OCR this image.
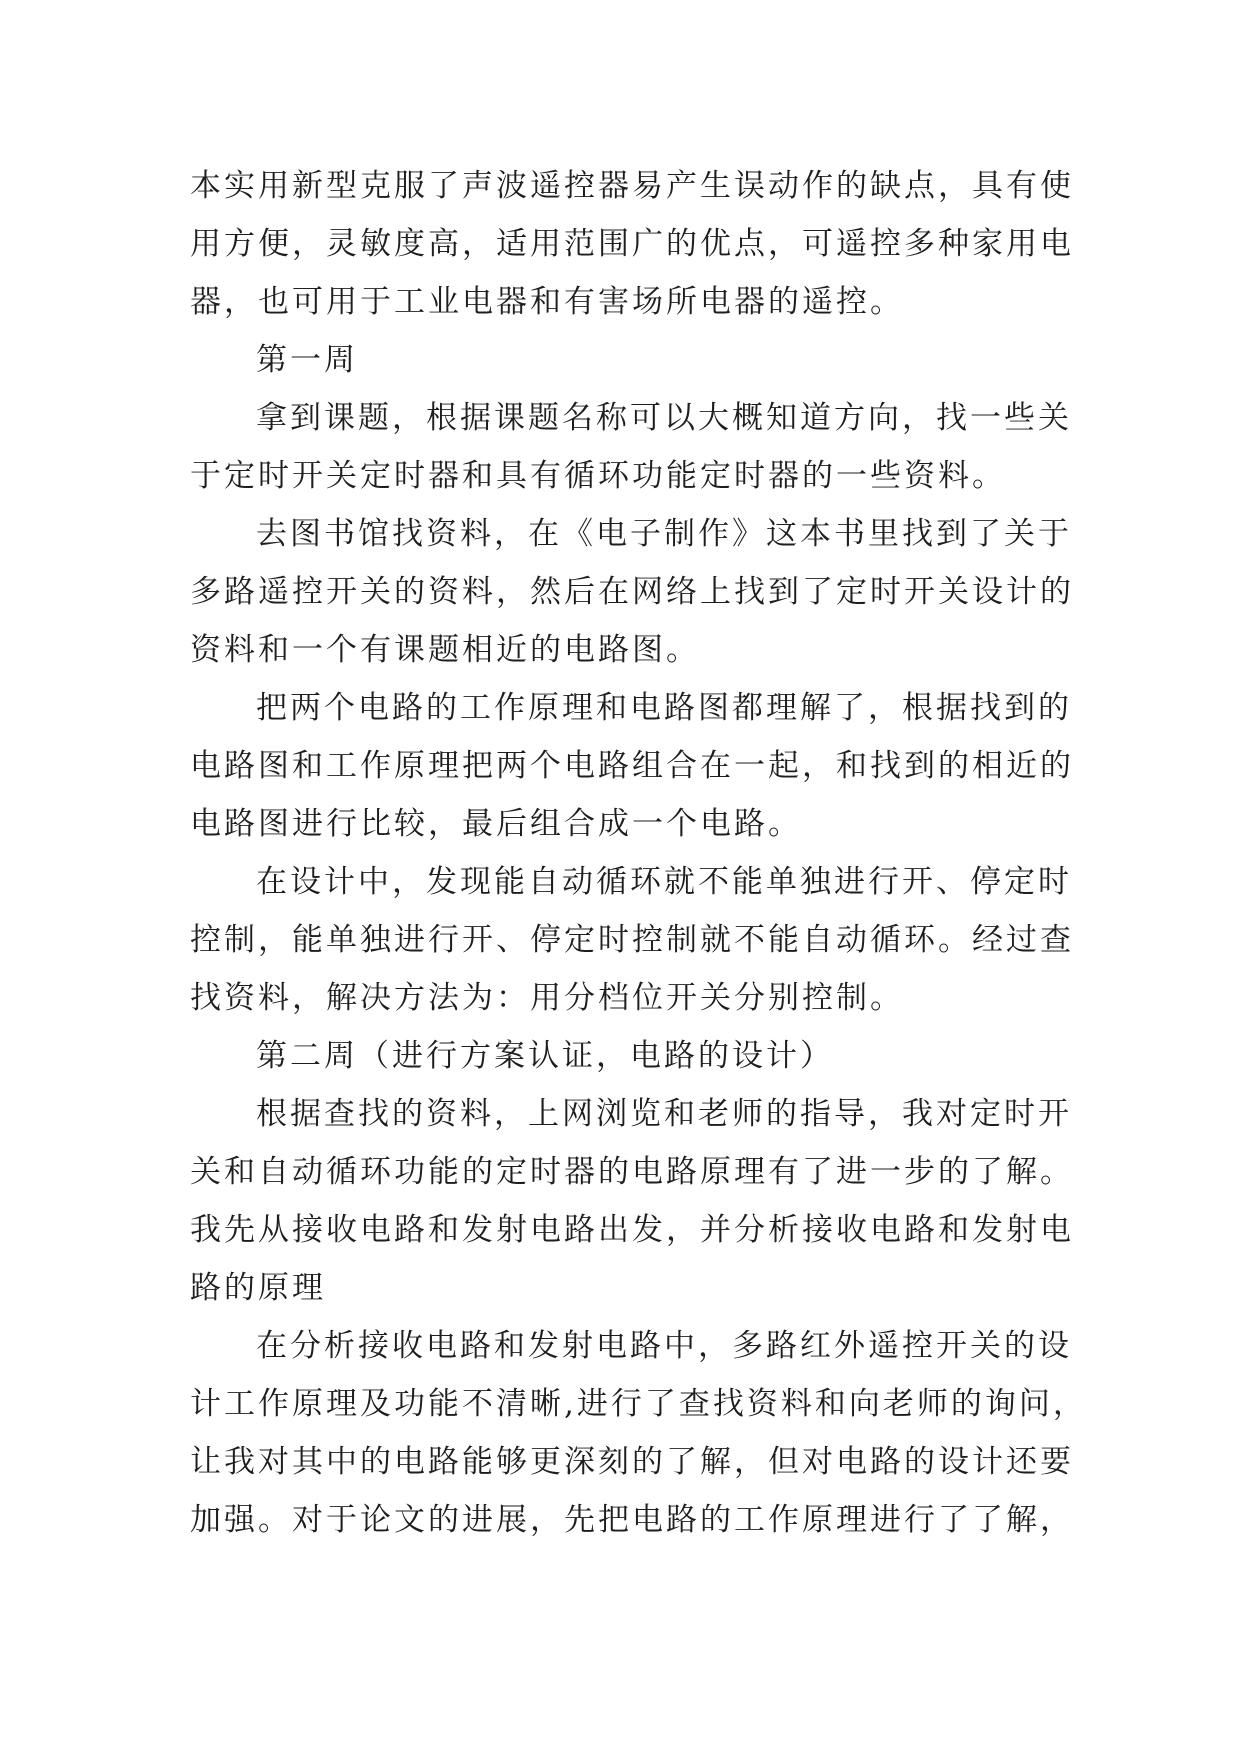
本实用新型克服了声波遥控器易产生误动作的缺点，具有使
用方便，灵敏度高，适用范围广的优点，可遥控多种家用电
器，也可用于工业电器和有害场所电器的遥控。
第一周
拿到课题，根据课题名称可以大概知道方向，找一些关
于定时开关定时器和具有循环功能定时器的一些资料。
去图书馆找资料，在《电子制作》这本书里找到了关于
多路遥控开关的资料，然后在网络上找到了定时开关设计的
资料和一个有课题相近的电路图。
把两个电路的工作原理和电路图都理解了，根据找到的
电路图和工作原理把两个电路组合在一起，和找到的相近的
电路图进行比较，最后组合成一个电路。
在设计中，发现能自动循环就不能单独进行开、停定时
控制，能单独进行开、停定时控制就不能自动循环。经过查
找资料，解决方法为：用分档位开关分别控制。
第二周（进行方案认证，电路的设计）
根据查找的资料，上网浏览和老师的指导，我对定时开
关和自动循环功能的定时器的电路原理有了进一步的了解。
我先从接收电路和发射电路出发，并分析接收电路和发射电
路的原理
在分析接收电路和发射电路中，多路红外遥控开关的设
计工作原理及功能不清晰,进行了查找资料和向老师的询问，
让我对其中的电路能够更深刻的了解，但对电路的设计还要
加强。对于论文的进展，先把电路的工作原理进行了了解，
